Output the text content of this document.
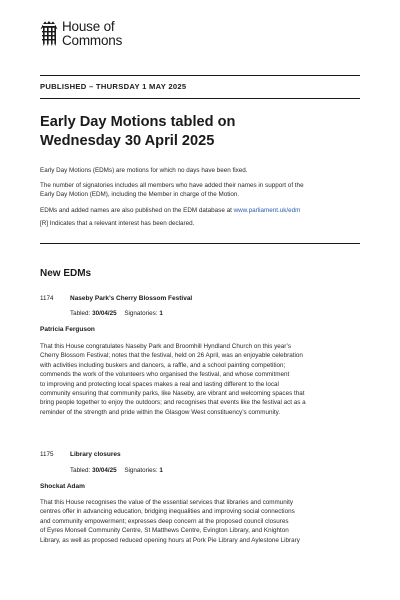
House of
Commons
PUBLISHED – THURSDAY 1 MAY 2025
Early Day Motions tabled on
Wednesday 30 April 2025
Early Day Motions (EDMs) are motions for which no days have been fixed.
The number of signatories includes all members who have added their names in support of the
Early Day Motion (EDM), including the Member in charge of the Motion.
EDMs and added names are also published on the EDM database at www.parliament.uk/edm
[R] Indicates that a relevant interest has been declared.
New EDMs
1174	Naseby Park’s Cherry Blossom Festival
Tabled: 30/04/25 Signatories: 1
Patricia Ferguson
That this House congratulates Naseby Park and Broomhill Hyndland Church on this year’s
Cherry Blossom Festival; notes that the festival, held on 26 April, was an enjoyable celebration
with activities including buskers and dancers, a raffle, and a school painting competition;
commends the work of the volunteers who organised the festival, and whose commitment
to improving and protecting local spaces makes a real and lasting different to the local
community ensuring that community parks, like Naseby, are vibrant and welcoming spaces that
bring people together to enjoy the outdoors; and recognises that events like the festival act as a
reminder of the strength and pride within the Glasgow West constituency’s community.
1175	Library closures
Tabled: 30/04/25 Signatories: 1
Shockat Adam
That this House recognises the value of the essential services that libraries and community
centres offer in advancing education, bridging inequalities and improving social connections
and community empowerment; expresses deep concern at the proposed council closures
of Eyres Monsell Community Centre, St Matthews Centre, Evington Library, and Knighton
Library, as well as proposed reduced opening hours at Pork Pie Library and Aylestone Library
